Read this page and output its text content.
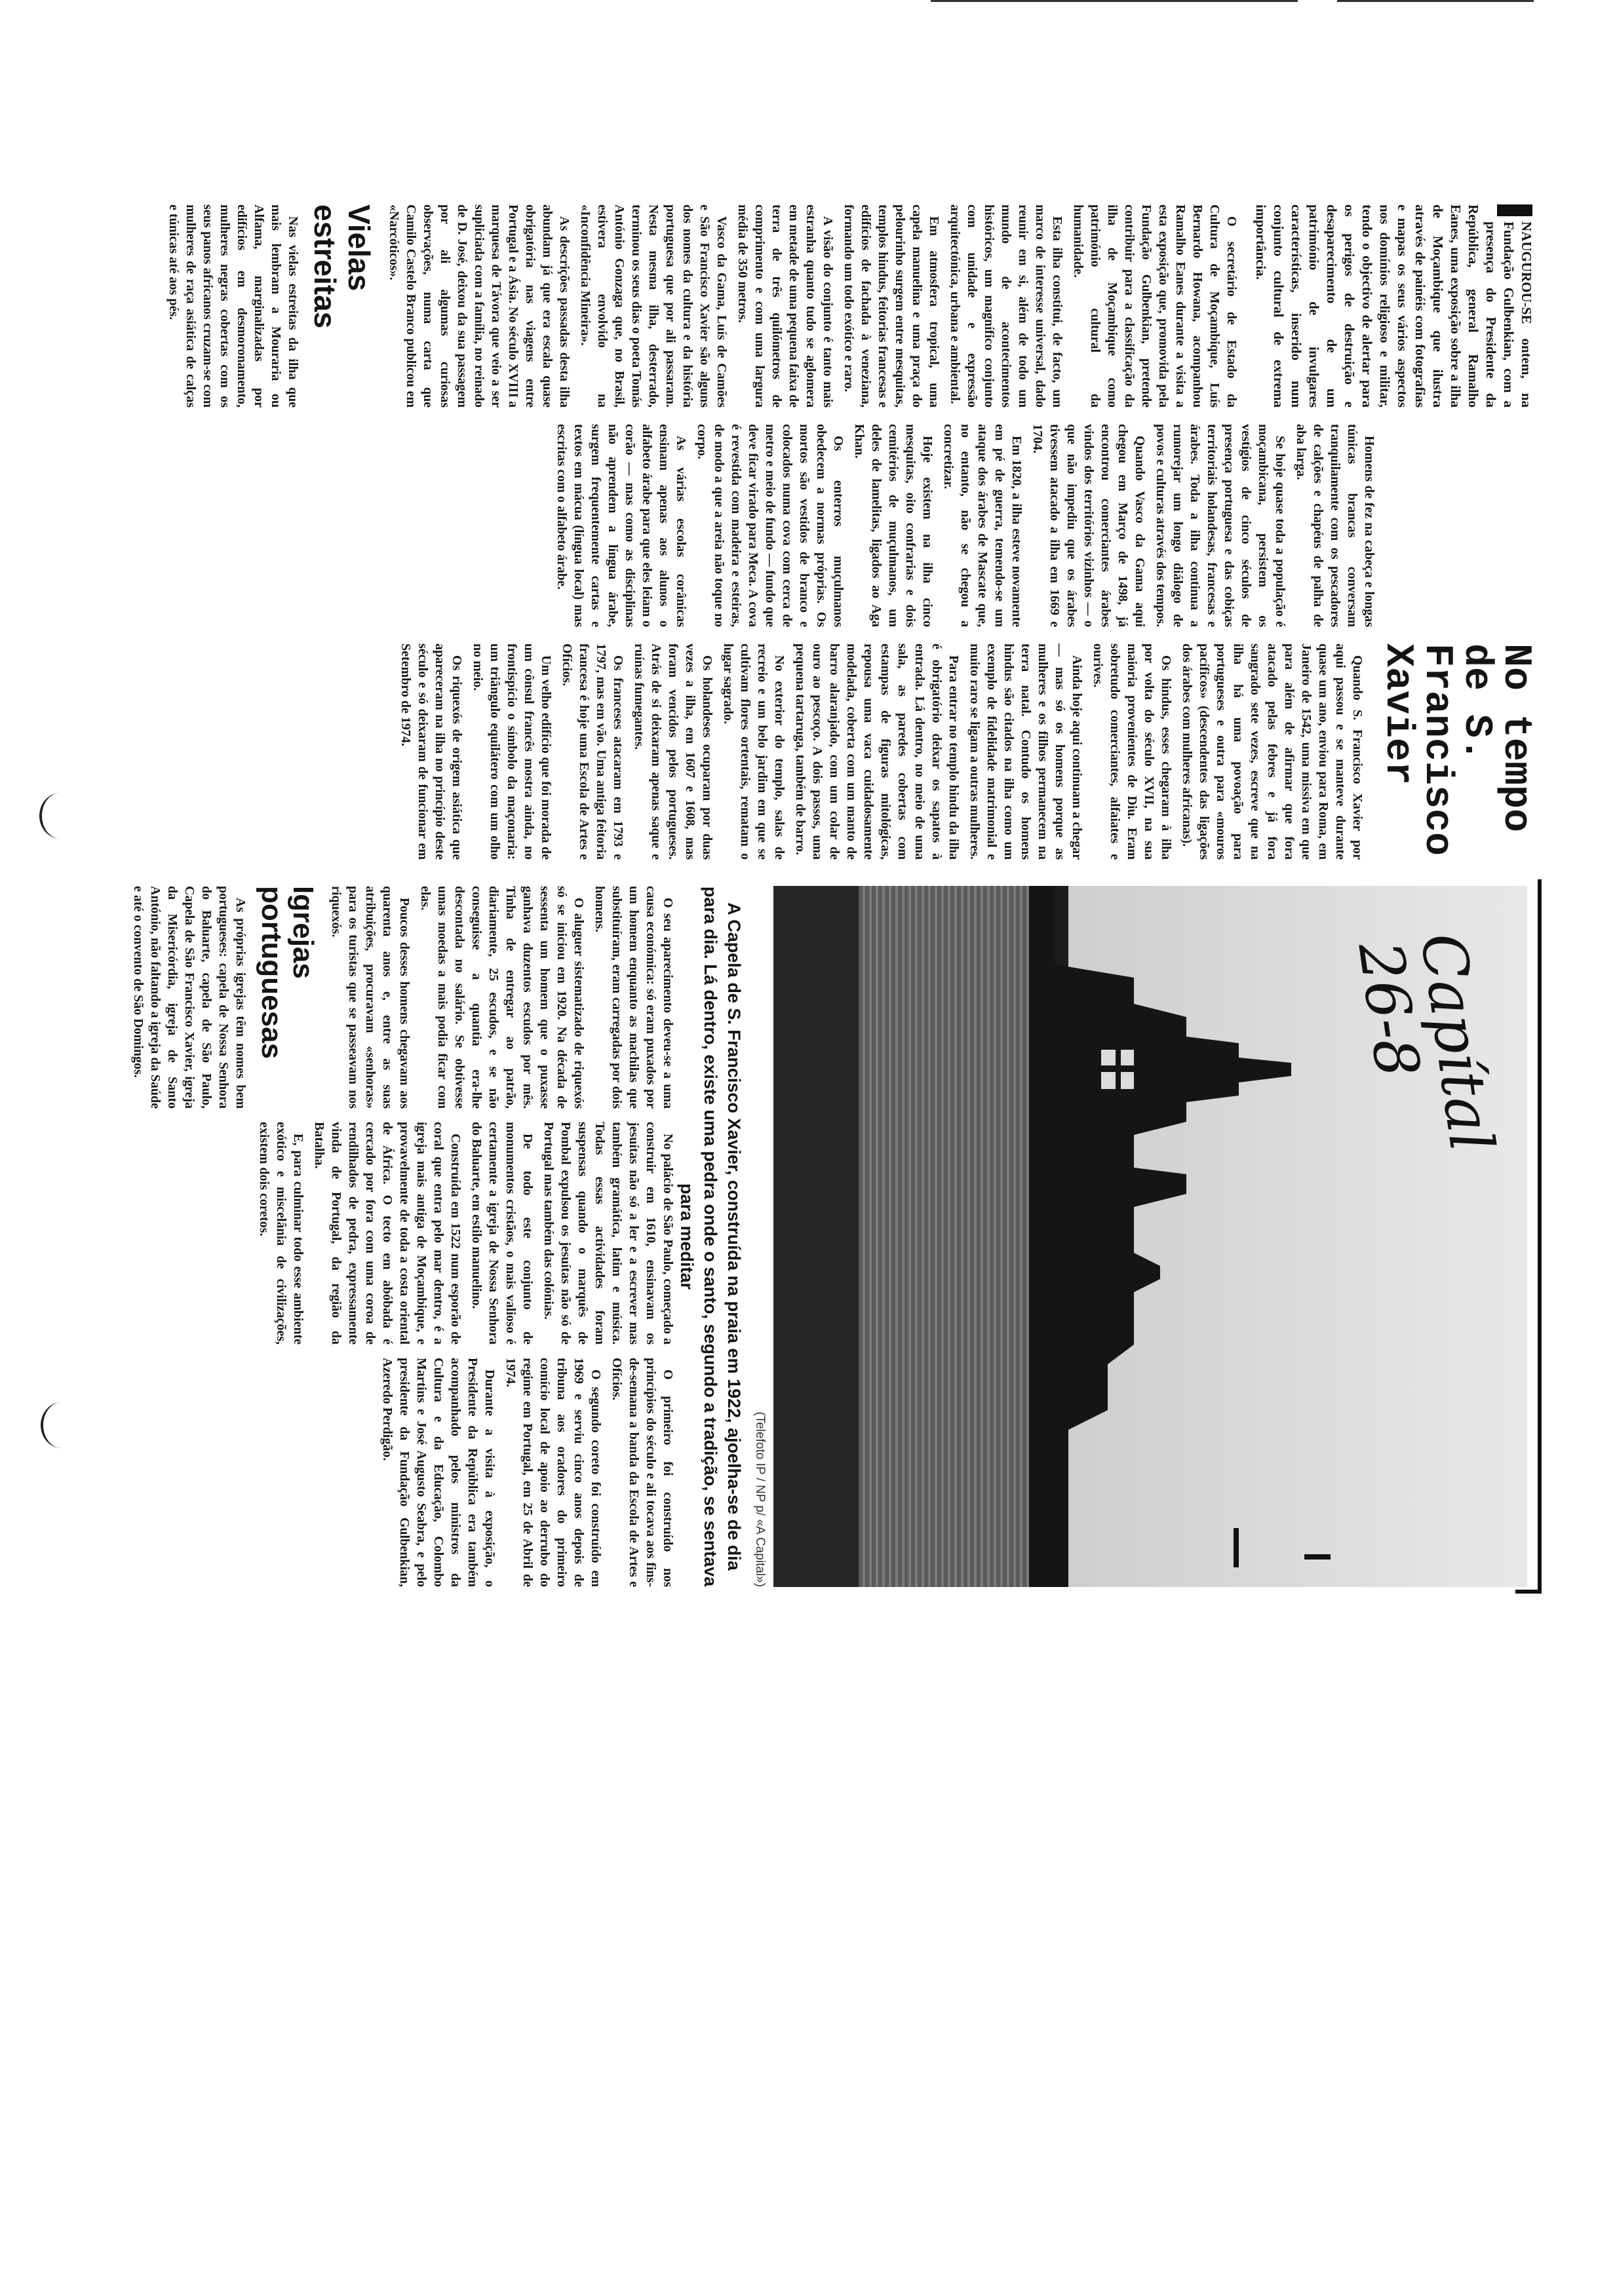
NAUGUROU-SE ontem, na Fundação Gulbenkian, com a presença do Presidente da República, general Ramalho Eanes, uma exposição sobre a ilha de Moçambique que ilustra através de painéis com fotografias e mapas os seus vários aspectos nos domínios religioso e militar, tendo o objectivo de alertar para os perigos de destruição e desaparecimento de um património de invulgares características, inserido num conjunto cultural de extrema importância.

O secretário de Estado da Cultura de Moçambique, Luís Bernardo Howana, acompanhou Ramalho Eanes durante a visita a esta exposição que, promovida pela Fundação Gulbenkian, pretende contribuir para a classificação da ilha de Moçambique como património cultural da humanidade.

Esta ilha constitui, de facto, um marco de interesse universal, dado reunir em si, além de todo um mundo de acontecimentos históricos, um magnífico conjunto com unidade e expressão arquitectónica, urbana e ambiental.

Em atmosfera tropical, uma capela manuelina e uma praça do pelourinho surgem entre mesquitas, templos hindus, feitorias francesas e edifícios de fachada à veneziana, formando um todo exótico e raro.

A visão do conjunto é tanto mais estranha quanto tudo se aglomera em metade de uma pequena faixa de terra de três quilómetros de comprimento e com uma largura média de 350 metros.

Vasco da Gama, Luís de Camões e São Francisco Xavier são alguns dos nomes da cultura e da história portuguesa que por ali passaram. Nesta mesma ilha, desterrado, terminou os seus dias o poeta Tomás António Gonzaga que, no Brasil, estivera envolvido na «Inconfidência Mineira».

As descrições passadas desta ilha abundam já que era escala quase obrigatória nas viagens entre Portugal e a Ásia. No século XVIII a marquesa de Távora que veio a ser supliciada com a família, no reinado de D. José, deixou da sua passagem por ali algumas curiosas observações, numa carta que Camilo Castelo Branco publicou em «Narcóticos».

Vielas estreitas

Nas vielas estreitas da ilha que mais lembram a Mouraria ou Alfama, marginalizadas por edifícios em desmoronamento, mulheres negras cobertas com os seus panos africanos cruzam-se com mulheres de raça asiática de calças e túnicas até aos pés.

Homens de fez na cabeça e longas túnicas brancas conversam tranquilamente com os pescadores de calções e chapéus de palha de aba larga.

Se hoje quase toda a população é moçambicana, persistem os vestígios de cinco séculos de presença portuguesa e das cobiças territoriais holandesas, francesas e árabes. Toda a ilha continua a rumorejar um longo diálogo de povos e culturas através dos tempos.

Quando Vasco da Gama aqui chegou em Março de 1498, já encontrou comerciantes árabes vindos dos territórios vizinhos — o que não impediu que os árabes tivessem atacado a ilha em 1669 e 1704.

Em 1820, a ilha esteve novamente em pé de guerra, temendo-se um ataque dos árabes de Mascate que, no entanto, não se chegou a concretizar.

Hoje existem na ilha cinco mesquitas, oito confrarias e dois cemitérios de muçulmanos, um deles de lamelitas, ligados ao Aga Khan.

Os enterros muçulmanos obedecem a normas próprias. Os mortos são vestidos de branco e colocados numa cova com cerca de metro e meio de fundo — fundo que deve ficar virado para Meca. A cova é revestida com madeira e esteiras, de modo a que a areia não toque no corpo.

As várias escolas corânicas ensinam apenas aos alunos o alfabeto árabe para que eles leiam o corão — mas como as disciplinas não aprendem a língua árabe, surgem frequentemente cartas e textos em mácua (língua local) mas escritas com o alfabeto árabe.

No tempo de S. Francisco Xavier

Quando S. Francisco Xavier por aqui passou e se manteve durante quase um ano, enviou para Roma, em Janeiro de 1542, uma missiva em que para além de afirmar que fora atacado pelas febres e já fora sangrado sete vezes, escreve que na ilha há uma povoação para portugueses e outra para «mouros pacíficos» (descendentes das ligações dos árabes com mulheres africanas).

Os hindus, esses chegaram à ilha por volta do século XVII, na sua maioria provenientes de Diu. Eram sobretudo comerciantes, alfaiates e ourives.

Ainda hoje aqui continuam a chegar — mas só os homens porque as mulheres e os filhos permanecem na terra natal. Contudo os homens hindus são citados na ilha como um exemplo de fidelidade matrimonial e muito raro se ligam a outras mulheres.

Para entrar no templo hindu da ilha é obrigatório deixar os sapatos à entrada. Lá dentro, no meio de uma sala, as paredes cobertas com estampas de figuras mitológicas, repousa uma vaca cuidadosamente modelada, coberta com um manto de barro alaranjado, com um colar de ouro ao pescoço. A dois passos, uma pequena tartaruga, também de barro.

No exterior do templo, salas de recreio e um belo jardim em que se cultivam flores ortentais, rematam o lugar sagrado.

Os holandeses ocuparam por duas vezes a ilha, em 1607 e 1608, mas foram vencidos pelos portugueses. Atrás de si deixaram apenas saque e ruínas fumegantes.

Os franceses atacaram em 1793 e 1797, mas em vão. Uma antiga feitoria francesa é hoje uma Escola de Artes e Ofícios.

Um velho edifício que foi morada de um cônsul francês mostra ainda, no frontispício o símbolo da maçonaria: um triângulo equilátero com um olho no meio.

Os riquexós de origem asiática que apareceram na ilha no princípio deste século e só deixaram de funcionar em Setembro de 1974.

Capítal 26-8
(Telefoto IP / NP p/ «A Capital»)
A Capela de S. Francisco Xavier, construída na praia em 1922, ajoelha-se de dia para dia. Lá dentro, existe uma pedra onde o santo, segundo a tradição, se sentava para meditar

O seu aparecimento deveu-se a uma causa económica: só eram puxados por um homem enquanto as machilas que substituíram, eram carregadas por dois homens.

O aluguer sistematizado de riquexós só se iniciou em 1920. Na década de sessenta um homem que o puxasse ganhava duzentos escudos por mês. Tinha de entregar ao patrão, diariamente, 25 escudos, e se não conseguisse a quantia era-lhe descontada no salário. Se obtivesse umas moedas a mais podia ficar com elas.

Poucos desses homens chegavam aos quarenta anos e, entre as suas atribuições, procuravam «senhoras» para os turistas que se passeavam nos riquexós.

Igrejas portuguesas

As próprias igrejas têm nomes bem portugueses: capela de Nossa Senhora do Baluarte, capela de São Paulo, Capela de São Francisco Xavier, igreja da Misericórdia, igreja de Santo António, não faltando a igreja da Saúde e até o convento de São Domingos.

No palácio de São Paulo, começado a construir em 1610, ensinavam os jesuítas não só a ler e a escrever mas também gramática, latim e música. Todas essas actividades foram suspensas quando o marquês de Pombal expulsou os jesuítas não só de Portugal mas também das colónias.

De todo este conjunto de monumentos cristãos, o mais valioso é certamente a igreja de Nossa Senhora do Baluarte, em estilo manuelino.

Construída em 1522 num esporão de coral que entra pelo mar dentro, é a igreja mais antiga de Moçambique, e provavelmente de toda a costa oriental de África. O tecto em abóbada é cercado por fora com uma coroa de rendilhados de pedra, expressamente vinda de Portugal, da região da Batalha.

E, para culminar todo esse ambiente exótico e miscelânia de civilizações, existem dois coretos.

O primeiro foi construído nos princípios do século e ali tocava aos fins-de-semana a banda da Escola de Artes e Ofícios.

O segundo coreto foi construído em 1969 e serviu cinco anos depois de tribuna aos oradores do primeiro comício local de apoio ao derrubo do regime em Portugal, em 25 de Abril de 1974.

Durante a visita à exposição, o Presidente da República era também acompanhado pelos ministros da Cultura e da Educação, Colombo Martins e José Augusto Seabra, e pelo presidente da Fundação Gulbenkian, Azeredo Perdigão.
